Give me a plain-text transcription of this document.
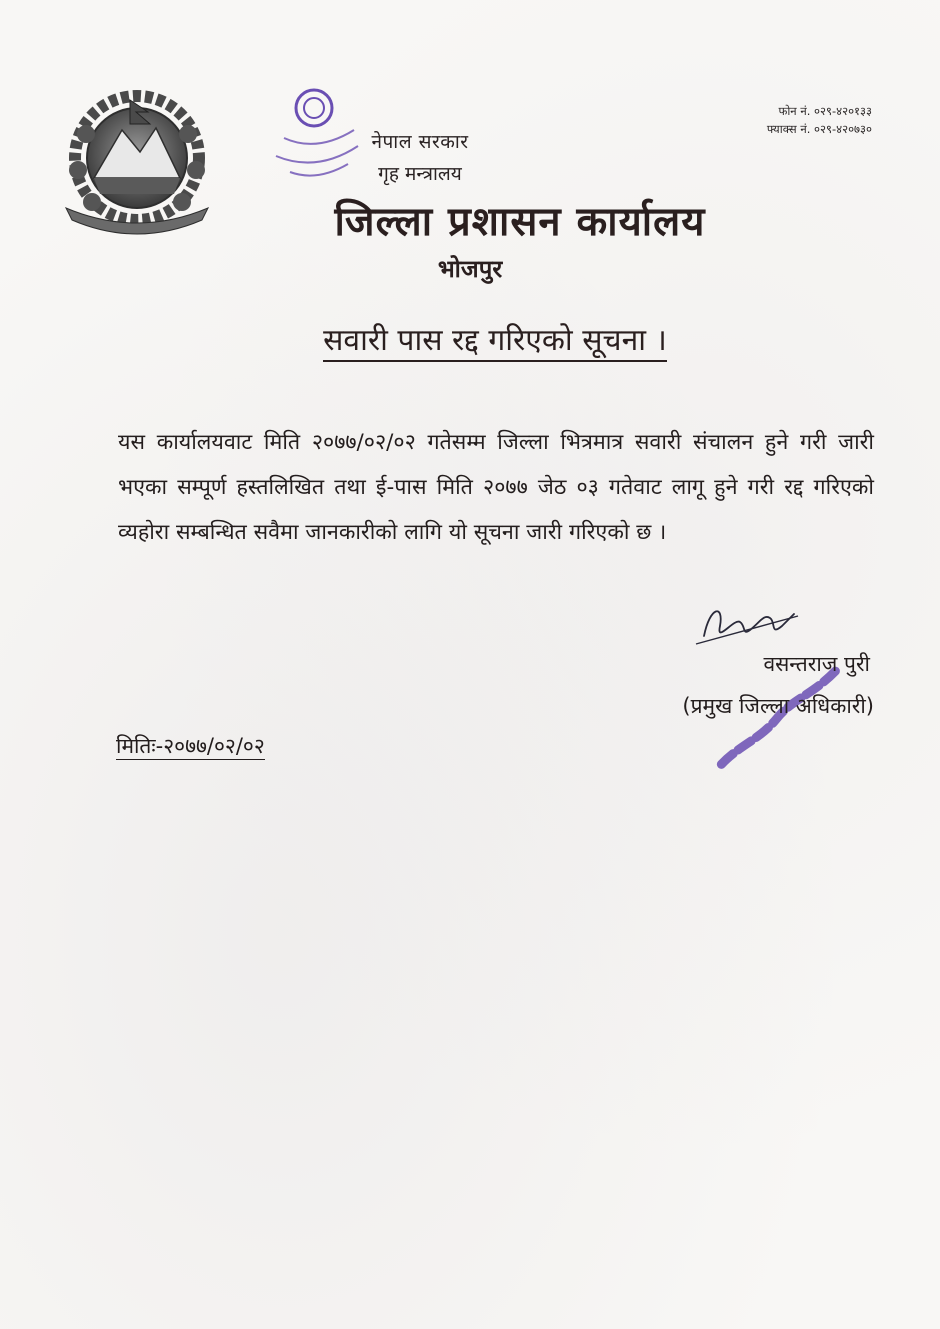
फोन नं. ०२९-४२०१३३
फ्याक्स नं. ०२९-४२०७३०
नेपाल सरकार
गृह मन्त्रालय
जिल्ला प्रशासन कार्यालय
भोजपुर
सवारी पास रद्द गरिएको सूचना ।
यस कार्यालयवाट मिति २०७७/०२/०२ गतेसम्म जिल्ला भित्रमात्र सवारी संचालन हुने गरी जारी भएका सम्पूर्ण हस्तलिखित तथा ई-पास मिति २०७७ जेठ ०३ गतेवाट लागू हुने गरी रद्द गरिएको व्यहोरा सम्बन्धित सवैमा जानकारीको लागि यो सूचना जारी गरिएको छ ।
वसन्तराज पुरी
(प्रमुख जिल्ला अधिकारी)
मितिः-२०७७/०२/०२
